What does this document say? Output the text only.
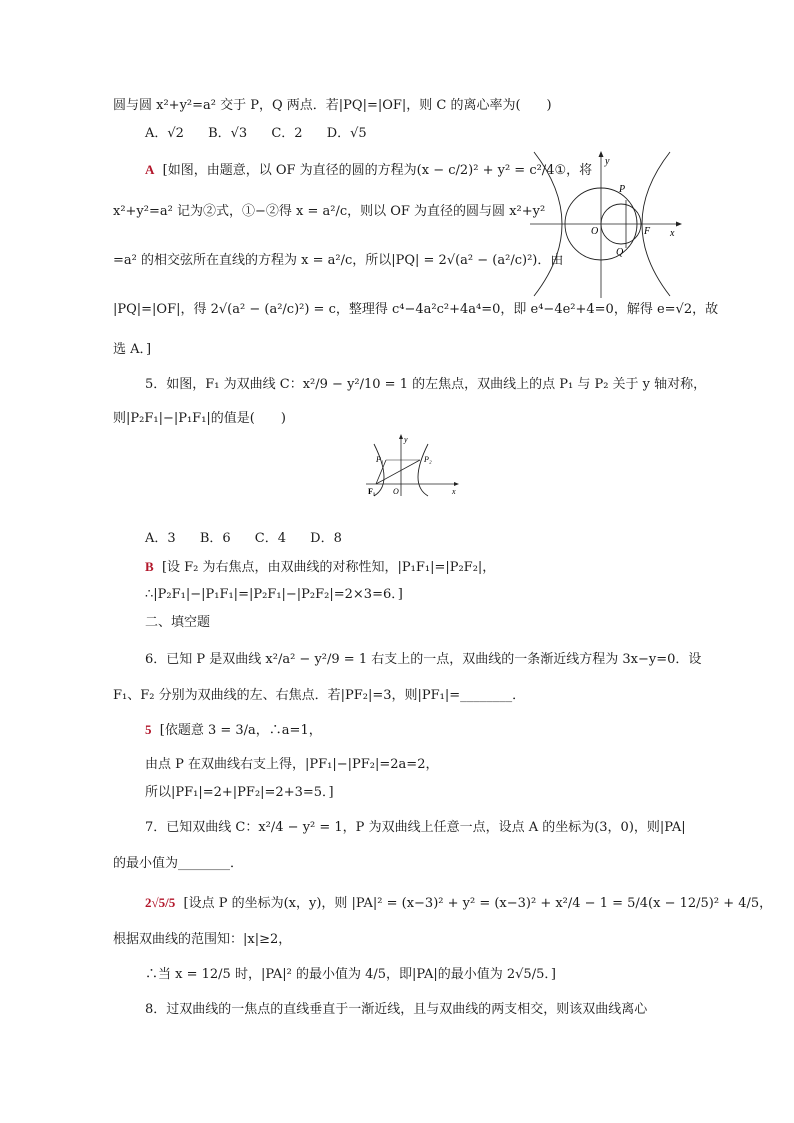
圆与圆 x²+y²=a² 交于 P，Q 两点．若|PQ|=|OF|，则 C 的离心率为(　　)
A．√2 B．√3 C．2 D．√5
A [如图，由题意，以 OF 为直径的圆的方程为(x − c/2)² + y² = c²/4①，将
x²+y²=a² 记为②式，①−②得 x = a²/c，则以 OF 为直径的圆与圆 x²+y²
=a² 的相交弦所在直线的方程为 x = a²/c，所以|PQ| = 2√(a² − (a²/c)²)．由
|PQ|=|OF|，得 2√(a² − (a²/c)²) = c，整理得 c⁴−4a²c²+4a⁴=0，即 e⁴−4e²+4=0，解得 e=√2，故
选 A．]
y
x
P
O	F
Q
5．如图，F₁ 为双曲线 C：x²/9 − y²/10 = 1 的左焦点，双曲线上的点 P₁ 与 P₂ 关于 y 轴对称，
则|P₂F₁|−|P₁F₁|的值是(　　)
y
x
P₁	P₂
F₁ O
A．3 B．6 C．4 D．8
B [设 F₂ 为右焦点，由双曲线的对称性知，|P₁F₁|=|P₂F₂|，
∴|P₂F₁|−|P₁F₁|=|P₂F₁|−|P₂F₂|=2×3=6．]
二、填空题
6．已知 P 是双曲线 x²/a² − y²/9 = 1 右支上的一点，双曲线的一条渐近线方程为 3x−y=0．设
F₁、F₂ 分别为双曲线的左、右焦点．若|PF₂|=3，则|PF₁|=________．
5 [依题意 3 = 3/a，∴a=1，
由点 P 在双曲线右支上得，|PF₁|−|PF₂|=2a=2，
所以|PF₁|=2+|PF₂|=2+3=5．]
7．已知双曲线 C：x²/4 − y² = 1，P 为双曲线上任意一点，设点 A 的坐标为(3，0)，则|PA|
的最小值为________．
2√5/5 [设点 P 的坐标为(x，y)，则 |PA|² = (x−3)² + y² = (x−3)² + x²/4 − 1 = 5/4(x − 12/5)² + 4/5，
根据双曲线的范围知：|x|≥2，
∴当 x = 12/5 时，|PA|² 的最小值为 4/5，即|PA|的最小值为 2√5/5．]
8．过双曲线的一焦点的直线垂直于一渐近线，且与双曲线的两支相交，则该双曲线离心
